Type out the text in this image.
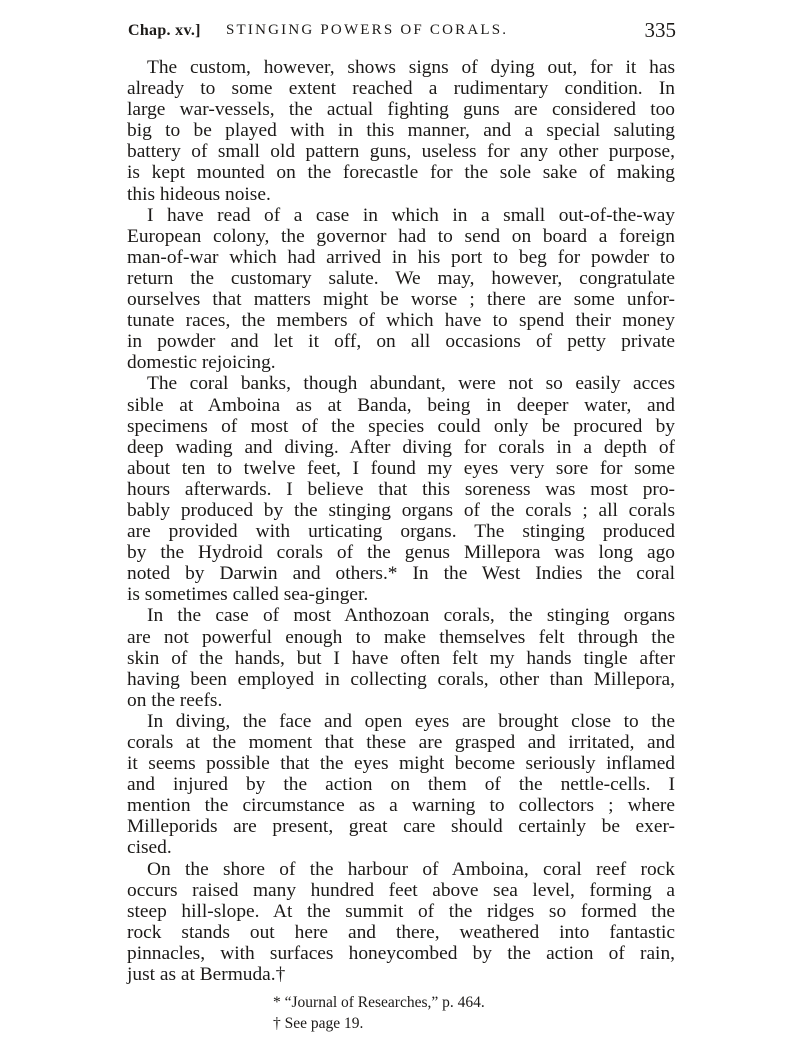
Chap. xv.] STINGING POWERS OF CORALS.	335
The custom, however, shows signs of dying out, for it has
already to some extent reached a rudimentary condition. In
large war-vessels, the actual fighting guns are considered too
big to be played with in this manner, and a special saluting
battery of small old pattern guns, useless for any other purpose,
is kept mounted on the forecastle for the sole sake of making
this hideous noise.
I have read of a case in which in a small out-of-the-way
European colony, the governor had to send on board a foreign
man-of-war which had arrived in his port to beg for powder to
return the customary salute. We may, however, congratulate
ourselves that matters might be worse ; there are some unfor-
tunate races, the members of which have to spend their money
in powder and let it off, on all occasions of petty private
domestic rejoicing.
The coral banks, though abundant, were not so easily acces
sible at Amboina as at Banda, being in deeper water, and
specimens of most of the species could only be procured by
deep wading and diving. After diving for corals in a depth of
about ten to twelve feet, I found my eyes very sore for some
hours afterwards. I believe that this soreness was most pro-
bably produced by the stinging organs of the corals ; all corals
are provided with urticating organs. The stinging produced
by the Hydroid corals of the genus Millepora was long ago
noted by Darwin and others.* In the West Indies the coral
is sometimes called sea-ginger.
In the case of most Anthozoan corals, the stinging organs
are not powerful enough to make themselves felt through the
skin of the hands, but I have often felt my hands tingle after
having been employed in collecting corals, other than Millepora,
on the reefs.
In diving, the face and open eyes are brought close to the
corals at the moment that these are grasped and irritated, and
it seems possible that the eyes might become seriously inflamed
and injured by the action on them of the nettle-cells. I
mention the circumstance as a warning to collectors ; where
Milleporids are present, great care should certainly be exer-
cised.
On the shore of the harbour of Amboina, coral reef rock
occurs raised many hundred feet above sea level, forming a
steep hill-slope. At the summit of the ridges so formed the
rock stands out here and there, weathered into fantastic
pinnacles, with surfaces honeycombed by the action of rain,
just as at Bermuda.†
* “Journal of Researches,” p. 464.
† See page 19.
